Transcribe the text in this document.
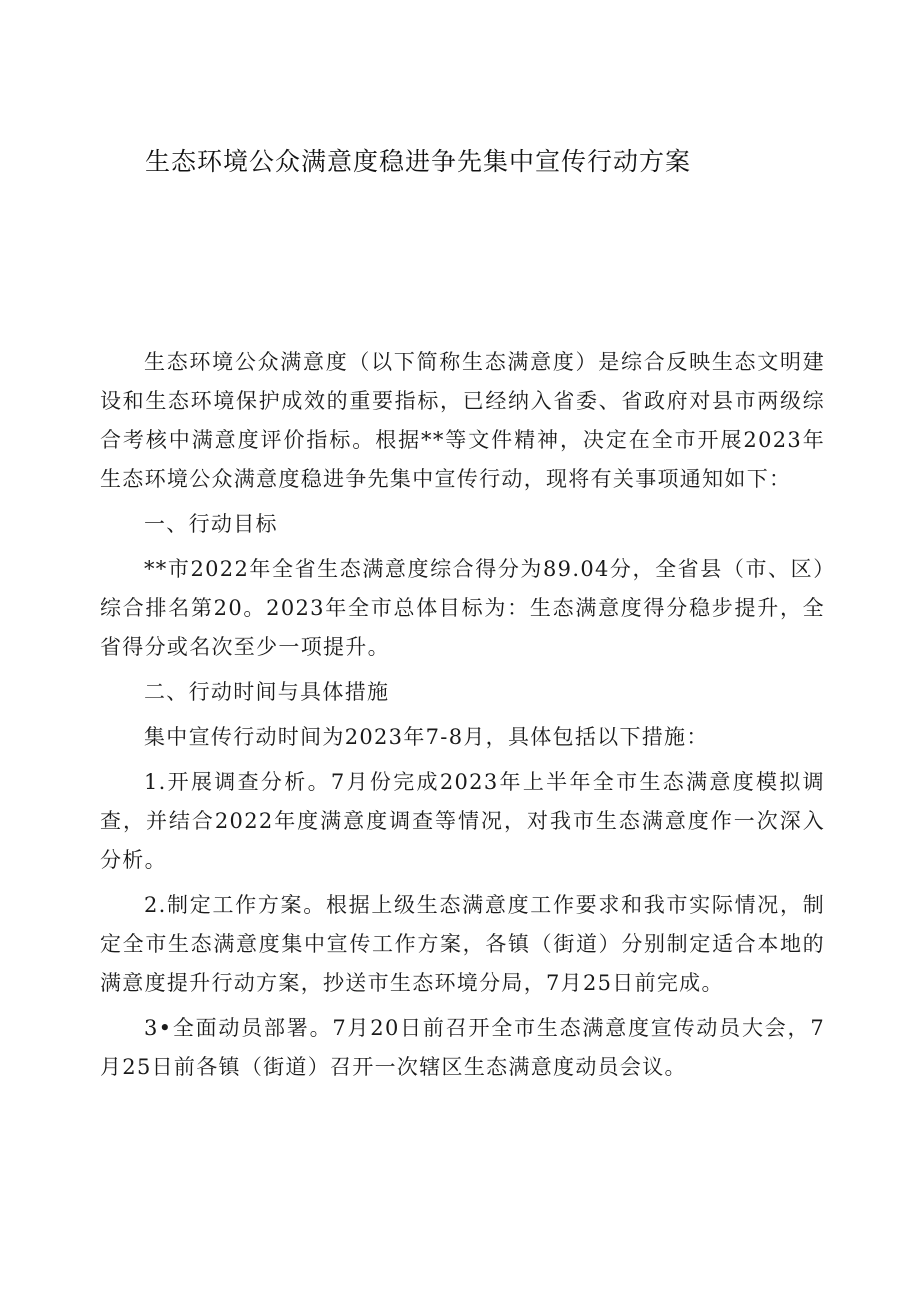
生态环境公众满意度稳进争先集中宣传行动方案

生态环境公众满意度（以下简称生态满意度）是综合反映生态文明建设和生态环境保护成效的重要指标，已经纳入省委、省政府对县市两级综合考核中满意度评价指标。根据**等文件精神，决定在全市开展2023年生态环境公众满意度稳进争先集中宣传行动，现将有关事项通知如下：

一、行动目标

**市2022年全省生态满意度综合得分为89.04分，全省县（市、区）综合排名第20。2023年全市总体目标为：生态满意度得分稳步提升，全省得分或名次至少一项提升。

二、行动时间与具体措施

集中宣传行动时间为2023年7-8月，具体包括以下措施：

1.开展调查分析。7月份完成2023年上半年全市生态满意度模拟调查，并结合2022年度满意度调查等情况，对我市生态满意度作一次深入分析。

2.制定工作方案。根据上级生态满意度工作要求和我市实际情况，制定全市生态满意度集中宣传工作方案，各镇（街道）分别制定适合本地的满意度提升行动方案，抄送市生态环境分局，7月25日前完成。

3•全面动员部署。7月20日前召开全市生态满意度宣传动员大会，7月25日前各镇（街道）召开一次辖区生态满意度动员会议。
